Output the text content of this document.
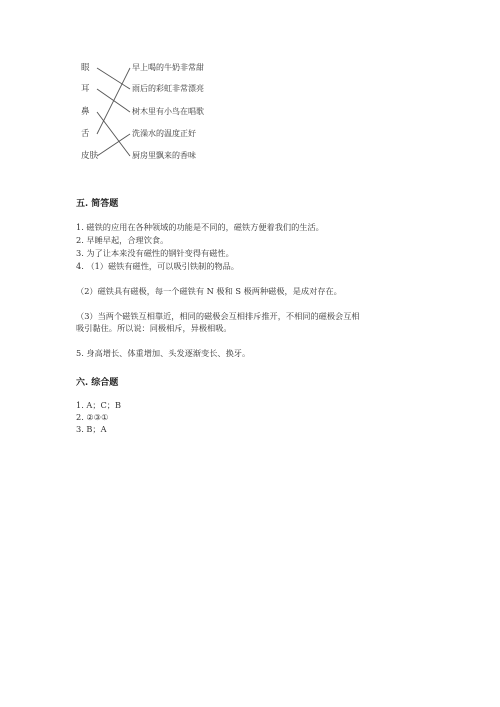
眼
耳
鼻
舌
皮肤
早上喝的牛奶非常甜
雨后的彩虹非常漂亮
树木里有小鸟在唱歌
洗澡水的温度正好
厨房里飘来的香味
五. 简答题
1. 磁铁的应用在各种领域的功能是不同的，磁铁方便着我们的生活。
2. 早睡早起，合理饮食。
3. 为了让本来没有磁性的钢针变得有磁性。
4. （1）磁铁有磁性，可以吸引铁制的物品。
（2）磁铁具有磁极，每一个磁铁有 N 极和 S 极两种磁极，是成对存在。
（3）当两个磁铁互相靠近，相同的磁极会互相排斥推开，不相同的磁极会互相
吸引黏住。所以说：同极相斥，异极相吸。
5. 身高增长、体重增加、头发逐渐变长、换牙。
六. 综合题
1. A；C；B
2. ②③①
3. B；A
